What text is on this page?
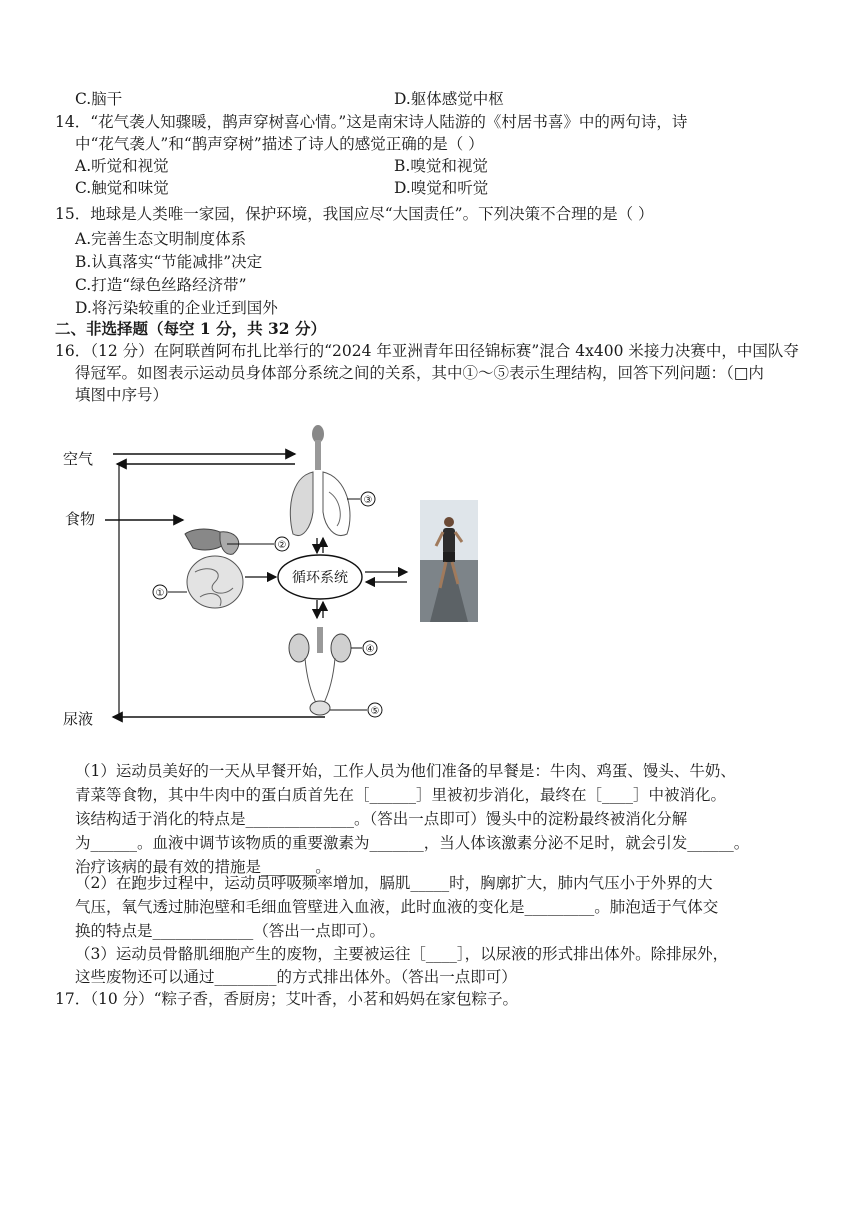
C.脑干	D.躯体感觉中枢
14．“花气袭人知骤暖，鹊声穿树喜心情。”这是南宋诗人陆游的《村居书喜》中的两句诗，诗
中“花气袭人”和“鹊声穿树”描述了诗人的感觉正确的是（ ）
A.听觉和视觉	B.嗅觉和视觉
C.触觉和味觉	D.嗅觉和听觉
15．地球是人类唯一家园，保护环境，我国应尽“大国责任”。下列决策不合理的是（ ）
A.完善生态文明制度体系
B.认真落实“节能减排”决定
C.打造“绿色丝路经济带”
D.将污染较重的企业迁到国外
二、非选择题（每空 1 分，共 32 分）
16．（12 分）在阿联酋阿布扎比举行的“2024 年亚洲青年田径锦标赛”混合 4x400 米接力决赛中，中国队夺
得冠军。如图表示运动员身体部分系统之间的关系，其中①～⑤表示生理结构，回答下列问题：（□内
填图中序号）
空气
食物
尿液
③
②
①
循环系统
④
⑤
（1）运动员美好的一天从早餐开始，工作人员为他们准备的早餐是：牛肉、鸡蛋、馒头、牛奶、
青菜等食物，其中牛肉中的蛋白质首先在［______］里被初步消化，最终在［____］中被消化。
该结构适于消化的特点是______________。（答出一点即可）馒头中的淀粉最终被消化分解
为______。血液中调节该物质的重要激素为_______，当人体该激素分泌不足时，就会引发______。
治疗该病的最有效的措施是_______。
（2）在跑步过程中，运动员呼吸频率增加，膈肌_____时，胸廓扩大，肺内气压小于外界的大
气压，氧气透过肺泡壁和毛细血管壁进入血液，此时血液的变化是_________。肺泡适于气体交
换的特点是_____________（答出一点即可）。
（3）运动员骨骼肌细胞产生的废物，主要被运往［____］，以尿液的形式排出体外。除排尿外，
这些废物还可以通过________的方式排出体外。（答出一点即可）
17．（10 分）“粽子香，香厨房；艾叶香，小茗和妈妈在家包粽子。
